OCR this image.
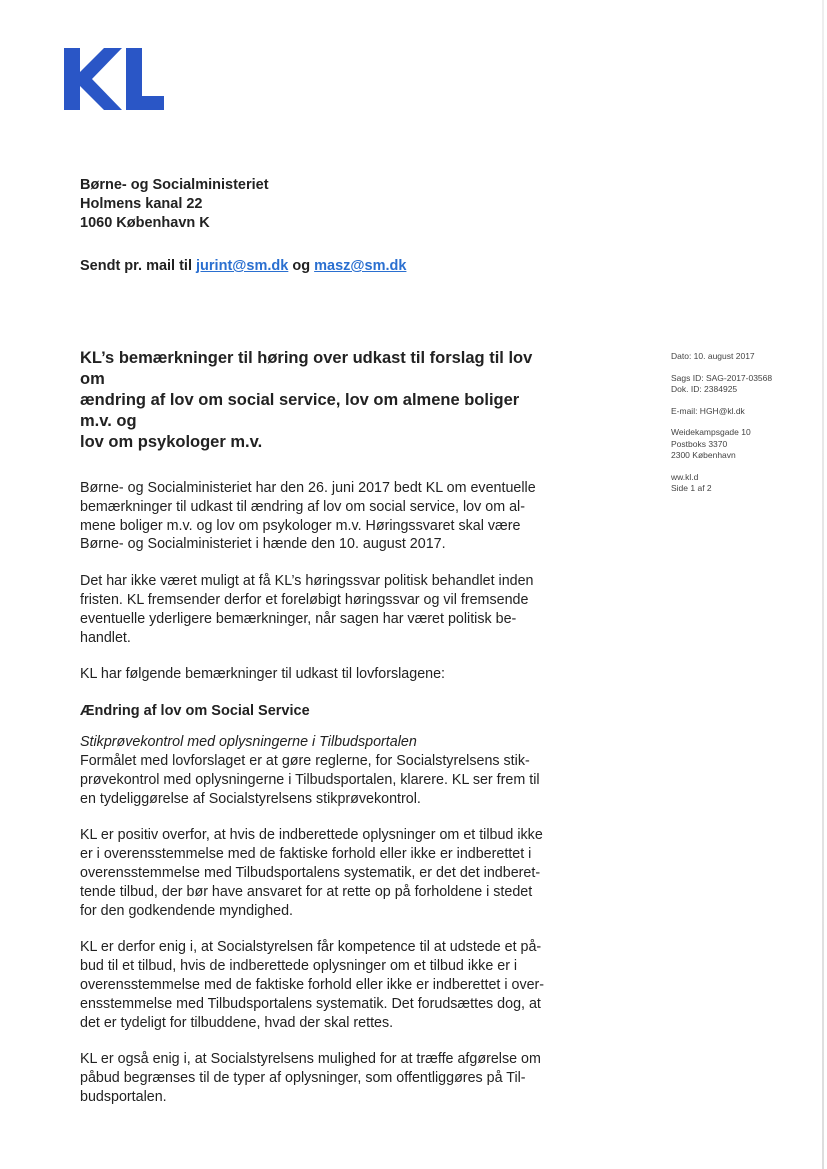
Børne- og Socialministeriet
Holmens kanal 22
1060 København K
Sendt pr. mail til jurint@sm.dk og masz@sm.dk
Dato: 10. august 2017
Sags ID: SAG-2017-03568
Dok. ID: 2384925
E-mail: HGH@kl.dk
Weidekampsgade 10
Postboks 3370
2300 København
ww.kl.d
Side 1 af 2
KL’s bemærkninger til høring over udkast til forslag til lov om
ændring af lov om social service, lov om almene boliger m.v. og
lov om psykologer m.v.
Børne- og Socialministeriet har den 26. juni 2017 bedt KL om eventuelle
bemærkninger til udkast til ændring af lov om social service, lov om al-
mene boliger m.v. og lov om psykologer m.v. Høringssvaret skal være
Børne- og Socialministeriet i hænde den 10. august 2017.
Det har ikke været muligt at få KL’s høringssvar politisk behandlet inden
fristen. KL fremsender derfor et foreløbigt høringssvar og vil fremsende
eventuelle yderligere bemærkninger, når sagen har været politisk be-
handlet.
KL har følgende bemærkninger til udkast til lovforslagene:
Ændring af lov om Social Service
Stikprøvekontrol med oplysningerne i Tilbudsportalen
Formålet med lovforslaget er at gøre reglerne, for Socialstyrelsens stik-
prøvekontrol med oplysningerne i Tilbudsportalen, klarere. KL ser frem til
en tydeliggørelse af Socialstyrelsens stikprøvekontrol.
KL er positiv overfor, at hvis de indberettede oplysninger om et tilbud ikke
er i overensstemmelse med de faktiske forhold eller ikke er indberettet i
overensstemmelse med Tilbudsportalens systematik, er det det indberet-
tende tilbud, der bør have ansvaret for at rette op på forholdene i stedet
for den godkendende myndighed.
KL er derfor enig i, at Socialstyrelsen får kompetence til at udstede et på-
bud til et tilbud, hvis de indberettede oplysninger om et tilbud ikke er i
overensstemmelse med de faktiske forhold eller ikke er indberettet i over-
ensstemmelse med Tilbudsportalens systematik. Det forudsættes dog, at
det er tydeligt for tilbuddene, hvad der skal rettes.
KL er også enig i, at Socialstyrelsens mulighed for at træffe afgørelse om
påbud begrænses til de typer af oplysninger, som offentliggøres på Til-
budsportalen.
